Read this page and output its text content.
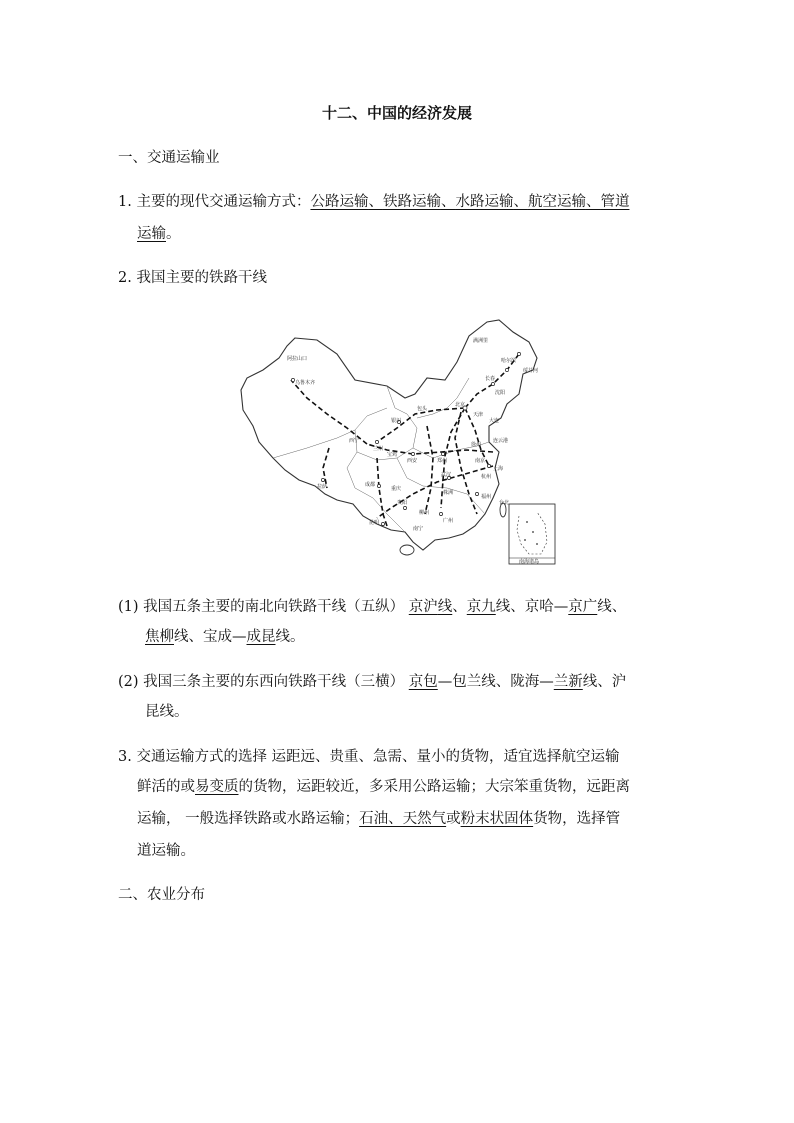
十二、中国的经济发展
一、交通运输业
1. 主要的现代交通运输方式：公路运输、铁路运输、水路运输、航空运输、管道
运输。
2. 我国主要的铁路干线
北京
满洲里
哈尔滨
绥芬河
长春
沈阳
大连
包头
银川
兰州
西宁
西安	郑州
徐州
天津
上海
南京
武汉	杭州
株洲
成都
重庆
贵阳
昆明
柳州
广州
南宁
拉萨
乌鲁木齐
阿拉山口
福州
连云港
宝鸡
台北
南海诸岛
(1) 我国五条主要的南北向铁路干线（五纵） 京沪线、京九线、京哈—京广线、
焦柳线、宝成—成昆线。
(2) 我国三条主要的东西向铁路干线（三横） 京包—包兰线、陇海—兰新线、沪
昆线。
3. 交通运输方式的选择 运距远、贵重、急需、量小的货物，适宜选择航空运输
鲜活的或易变质的货物，运距较近，多采用公路运输；大宗笨重货物，远距离
运输， 一般选择铁路或水路运输；石油、天然气或粉末状固体货物，选择管
道运输。
二、农业分布
